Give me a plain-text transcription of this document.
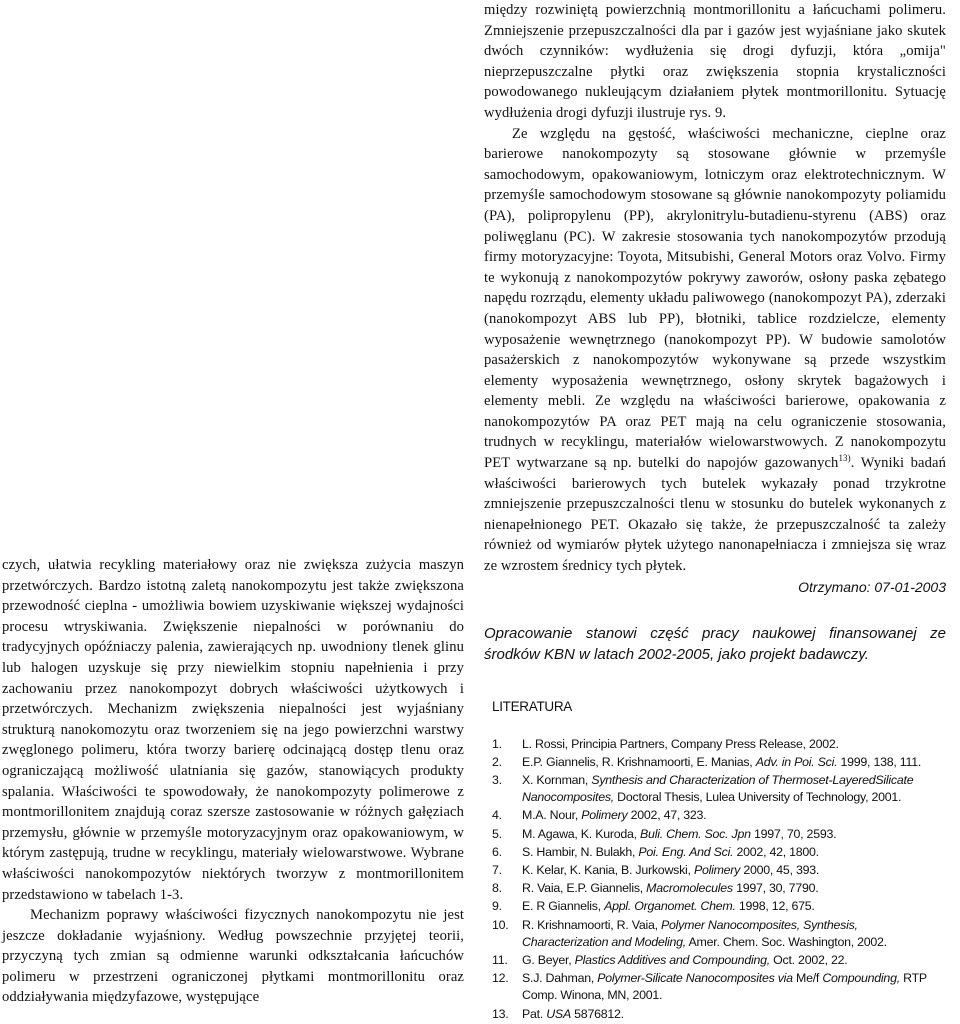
czych, ułatwia recykling materiałowy oraz nie zwiększa zużycia maszyn przetwórczych. Bardzo istotną zaletą nanokompozytu jest także zwiększona przewodność cieplna - umożliwia bowiem uzyskiwanie większej wydajności procesu wtryskiwania. Zwiększenie niepalności w porównaniu do tradycyjnych opóźniaczy palenia, zawierających np. uwodniony tlenek glinu lub halogen uzyskuje się przy niewielkim stopniu napełnienia i przy zachowaniu przez nanokompozyt dobrych właściwości użytkowych i przetwórczych. Mechanizm zwiększenia niepalności jest wyjaśniany strukturą nanokomozytu oraz tworzeniem się na jego powierzchni warstwy zwęglonego polimeru, która tworzy barierę odcinającą dostęp tlenu oraz ograniczającą możliwość ulatniania się gazów, stanowiących produkty spalania. Właściwości te spowodowały, że nanokompozyty polimerowe z montmorillonitem znajdują coraz szersze zastosowanie w różnych gałęziach przemysłu, głównie w przemyśle motoryzacyjnym oraz opakowaniowym, w którym zastępują, trudne w recyklingu, materiały wielowarstwowe. Wybrane właściwości nanokompozytów niektórych tworzyw z montmorillonitem przedstawiono w tabelach 1-3.

Mechanizm poprawy właściwości fizycznych nanokompozytu nie jest jeszcze dokładanie wyjaśniony. Według powszechnie przyjętej teorii, przyczyną tych zmian są odmienne warunki odkształcania łańcuchów polimeru w przestrzeni ograniczonej płytkami montmorillonitu oraz oddziaływania międzyfazowe, występujące

między rozwiniętą powierzchnią montmorillonitu a łańcuchami polimeru. Zmniejszenie przepuszczalności dla par i gazów jest wyjaśniane jako skutek dwóch czynników: wydłużenia się drogi dyfuzji, która „omija" nieprzepuszczalne płytki oraz zwiększenia stopnia krystaliczności powodowanego nukleującym działaniem płytek montmorillonitu. Sytuację wydłużenia drogi dyfuzji ilustruje rys. 9.

Ze względu na gęstość, właściwości mechaniczne, cieplne oraz barierowe nanokompozyty są stosowane głównie w przemyśle samochodowym, opakowaniowym, lotniczym oraz elektrotechnicznym. W przemyśle samochodowym stosowane są głównie nanokompozyty poliamidu (PA), polipropylenu (PP), akrylonitrylu-butadienu-styrenu (ABS) oraz poliwęglanu (PC). W zakresie stosowania tych nanokompozytów przodują firmy motoryzacyjne: Toyota, Mitsubishi, General Motors oraz Volvo. Firmy te wykonują z nanokompozytów pokrywy zaworów, osłony paska zębatego napędu rozrządu, elementy układu paliwowego (nanokompozyt PA), zderzaki (nanokompozyt ABS lub PP), błotniki, tablice rozdzielcze, elementy wyposażenie wewnętrznego (nanokompozyt PP). W budowie samolotów pasażerskich z nanokompozytów wykonywane są przede wszystkim elementy wyposażenia wewnętrznego, osłony skrytek bagażowych i elementy mebli. Ze względu na właściwości barierowe, opakowania z nanokompozytów PA oraz PET mają na celu ograniczenie stosowania, trudnych w recyklingu, materiałów wielowarstwowych. Z nanokompozytu PET wytwarzane są np. butelki do napojów gazowanych$^{13)}$. Wyniki badań właściwości barierowych tych butelek wykazały ponad trzykrotne zmniejszenie przepuszczalności tlenu w stosunku do butelek wykonanych z nienapełnionego PET. Okazało się także, że przepuszczalność ta zależy również od wymiarów płytek użytego nanonapełniacza i zmniejsza się wraz ze wzrostem średnicy tych płytek.

Otrzymano: 07-01-2003

Opracowanie stanowi część pracy naukowej finansowanej ze środków KBN w latach 2002-2005, jako projekt badawczy.

LITERATURA
1. L. Rossi, Principia Partners, Company Press Release, 2002.
2. E.P. Giannelis, R. Krishnamoorti, E. Manias, Adv. in Poi. Sci. 1999, 138, 111.
3. X. Kornman, Synthesis and Characterization of Thermoset-LayeredSilicate Nanocomposites, Doctoral Thesis, Lulea University of Technology, 2001.
4. M.A. Nour, Polimery 2002, 47, 323.
5. M. Agawa, K. Kuroda, Buli. Chem. Soc. Jpn 1997, 70, 2593.
6. S. Hambir, N. Bulakh, Poi. Eng. And Sci. 2002, 42, 1800.
7. K. Kelar, K. Kania, B. Jurkowski, Polimery 2000, 45, 393.
8. R. Vaia, E.P. Giannelis, Macromolecules 1997, 30, 7790.
9. E. R Giannelis, Appl. Organomet. Chem. 1998, 12, 675.
10. R. Krishnamoorti, R. Vaia, Polymer Nanocomposites, Synthesis, Characterization and Modeling, Amer. Chem. Soc. Washington, 2002.
11. G. Beyer, Plastics Additives and Compounding, Oct. 2002, 22.
12. S.J. Dahman, Polymer-Silicate Nanocomposites via Me/f Compounding, RTP Comp. Winona, MN, 2001.
13. Pat. USA 5876812.
